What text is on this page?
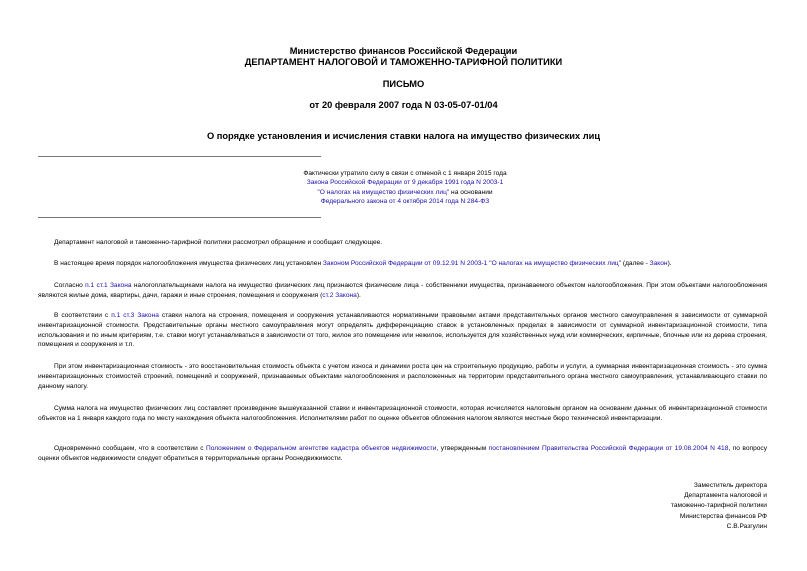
Министерство финансов Российской Федерации
ДЕПАРТАМЕНТ НАЛОГОВОЙ И ТАМОЖЕННО-ТАРИФНОЙ ПОЛИТИКИ
ПИСЬМО
от 20 февраля 2007 года N 03-05-07-01/04
О порядке установления и исчисления ставки налога на имущество физических лиц
Фактически утратило силу в связи с отменой с 1 января 2015 года
Закона Российской Федерации от 9 декабря 1991 года N 2003-1
"О налогах на имущество физических лиц" на основании
Федерального закона от 4 октября 2014 года N 284-ФЗ
Департамент налоговой и таможенно-тарифной политики рассмотрел обращение и сообщает следующее.
В настоящее время порядок налогообложения имущества физических лиц установлен Законом Российской Федерации от 09.12.91 N 2003-1 "О налогах на имущество физических лиц" (далее - Закон).
Согласно п.1 ст.1 Закона налогоплательщиками налога на имущество физических лиц признаются физические лица - собственники имущества, признаваемого объектом налогообложения. При этом объектами налогообложения являются жилые дома, квартиры, дачи, гаражи и иные строения, помещения и сооружения (ст.2 Закона).
В соответствии с п.1 ст.3 Закона ставки налога на строения, помещения и сооружения устанавливаются нормативными правовыми актами представительных органов местного самоуправления в зависимости от суммарной инвентаризационной стоимости. Представительные органы местного самоуправления могут определять дифференциацию ставок в установленных пределах в зависимости от суммарной инвентаризационной стоимости, типа использования и по иным критериям, т.е. ставки могут устанавливаться в зависимости от того, жилое это помещение или нежилое, используется для хозяйственных нужд или коммерческих, кирпичные, блочные или из дерева строения, помещения и сооружения и т.п.
При этом инвентаризационная стоимость - это восстановительная стоимость объекта с учетом износа и динамики роста цен на строительную продукцию, работы и услуги, а суммарная инвентаризационная стоимость - это сумма инвентаризационных стоимостей строений, помещений и сооружений, признаваемых объектами налогообложения и расположенных на территории представительного органа местного самоуправления, устанавливающего ставки по данному налогу.
Сумма налога на имущество физических лиц составляет произведение вышеуказанной ставки и инвентаризационной стоимости, которая исчисляется налоговым органом на основании данных об инвентаризационной стоимости объектов на 1 января каждого года по месту нахождения объекта налогообложения. Исполнителями работ по оценке объектов обложения налогом являются местные бюро технической инвентаризации.
Одновременно сообщаем, что в соответствии с Положением о Федеральном агентстве кадастра объектов недвижимости, утвержденным постановлением Правительства Российской Федерации от 19.08.2004 N 418, по вопросу оценки объектов недвижимости следует обратиться в территориальные органы Роснедвижимости.
Заместитель директора
Департамента налоговой и
таможенно-тарифной политики
Министерства финансов РФ
С.В.Разгулин
